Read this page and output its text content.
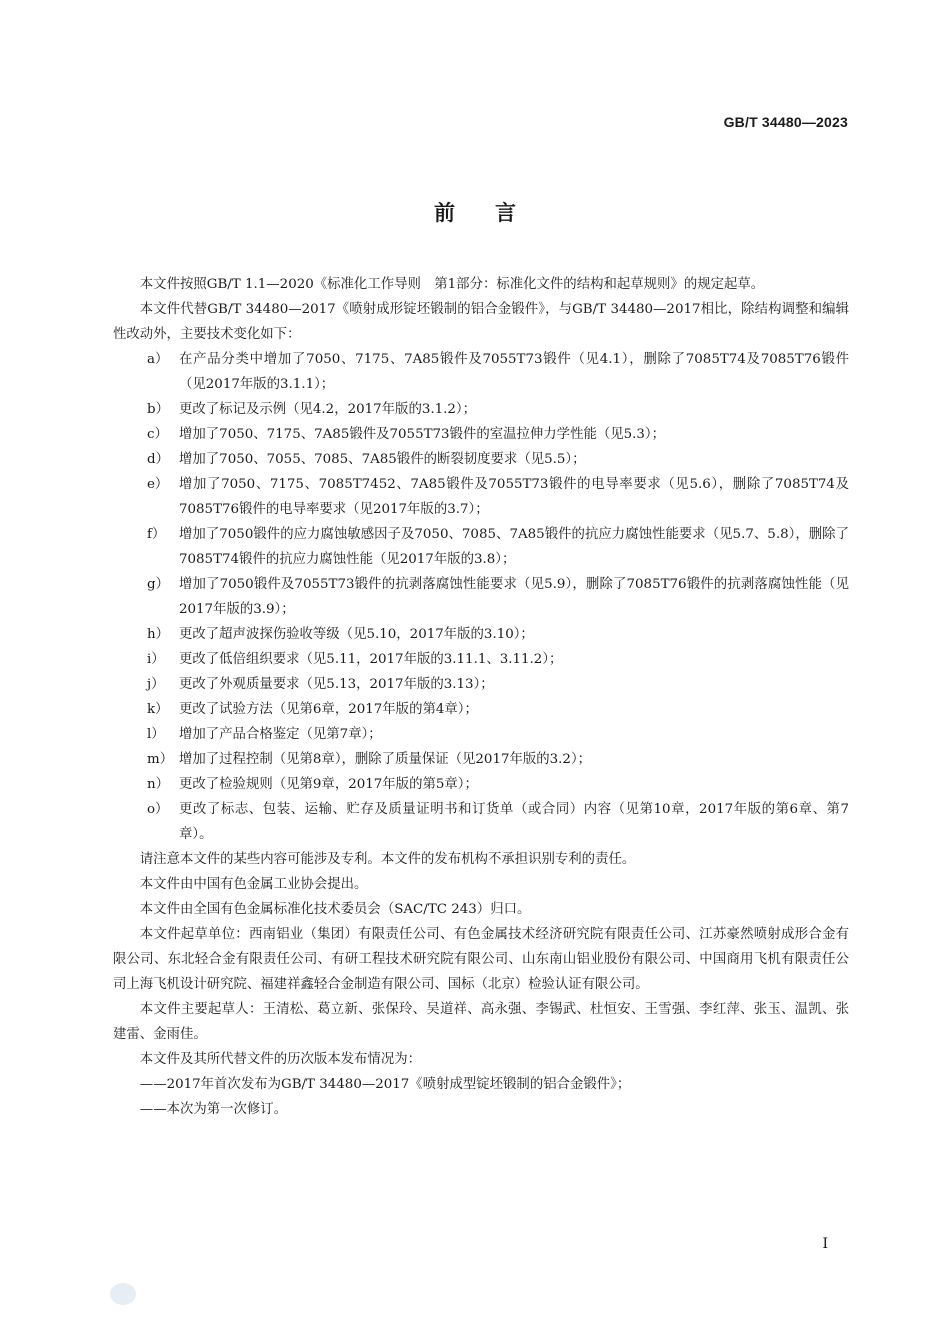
GB/T 34480—2023
前言

本文件按照GB/T 1.1—2020《标准化工作导则　第1部分：标准化文件的结构和起草规则》的规定起草。

本文件代替GB/T 34480—2017《喷射成形锭坯锻制的铝合金锻件》，与GB/T 34480—2017相比，除结构调整和编辑性改动外，主要技术变化如下：

a） 在产品分类中增加了7050、7175、7A85锻件及7055T73锻件（见4.1），删除了7085T74及7085T76锻件（见2017年版的3.1.1）；
b） 更改了标记及示例（见4.2，2017年版的3.1.2）；
c） 增加了7050、7175、7A85锻件及7055T73锻件的室温拉伸力学性能（见5.3）；
d） 增加了7050、7055、7085、7A85锻件的断裂韧度要求（见5.5）；
e） 增加了7050、7175、7085T7452、7A85锻件及7055T73锻件的电导率要求（见5.6），删除了7085T74及7085T76锻件的电导率要求（见2017年版的3.7）；
f） 增加了7050锻件的应力腐蚀敏感因子及7050、7085、7A85锻件的抗应力腐蚀性能要求（见5.7、5.8），删除了7085T74锻件的抗应力腐蚀性能（见2017年版的3.8）；
g） 增加了7050锻件及7055T73锻件的抗剥落腐蚀性能要求（见5.9），删除了7085T76锻件的抗剥落腐蚀性能（见2017年版的3.9）；
h） 更改了超声波探伤验收等级（见5.10，2017年版的3.10）；
i） 更改了低倍组织要求（见5.11，2017年版的3.11.1、3.11.2）；
j） 更改了外观质量要求（见5.13，2017年版的3.13）；
k） 更改了试验方法（见第6章，2017年版的第4章）；
l） 增加了产品合格鉴定（见第7章）；
m） 增加了过程控制（见第8章），删除了质量保证（见2017年版的3.2）；
n） 更改了检验规则（见第9章，2017年版的第5章）；
o） 更改了标志、包装、运输、贮存及质量证明书和订货单（或合同）内容（见第10章，2017年版的第6章、第7章）。

请注意本文件的某些内容可能涉及专利。本文件的发布机构不承担识别专利的责任。

本文件由中国有色金属工业协会提出。

本文件由全国有色金属标准化技术委员会（SAC/TC 243）归口。

本文件起草单位：西南铝业（集团）有限责任公司、有色金属技术经济研究院有限责任公司、江苏豪然喷射成形合金有限公司、东北轻合金有限责任公司、有研工程技术研究院有限公司、山东南山铝业股份有限公司、中国商用飞机有限责任公司上海飞机设计研究院、福建祥鑫轻合金制造有限公司、国标（北京）检验认证有限公司。

本文件主要起草人：王清松、葛立新、张保玲、吴道祥、高永强、李锡武、杜恒安、王雪强、李红萍、张玉、温凯、张建雷、金雨佳。

本文件及其所代替文件的历次版本发布情况为：

——2017年首次发布为GB/T 34480—2017《喷射成型锭坯锻制的铝合金锻件》；

——本次为第一次修订。

I
